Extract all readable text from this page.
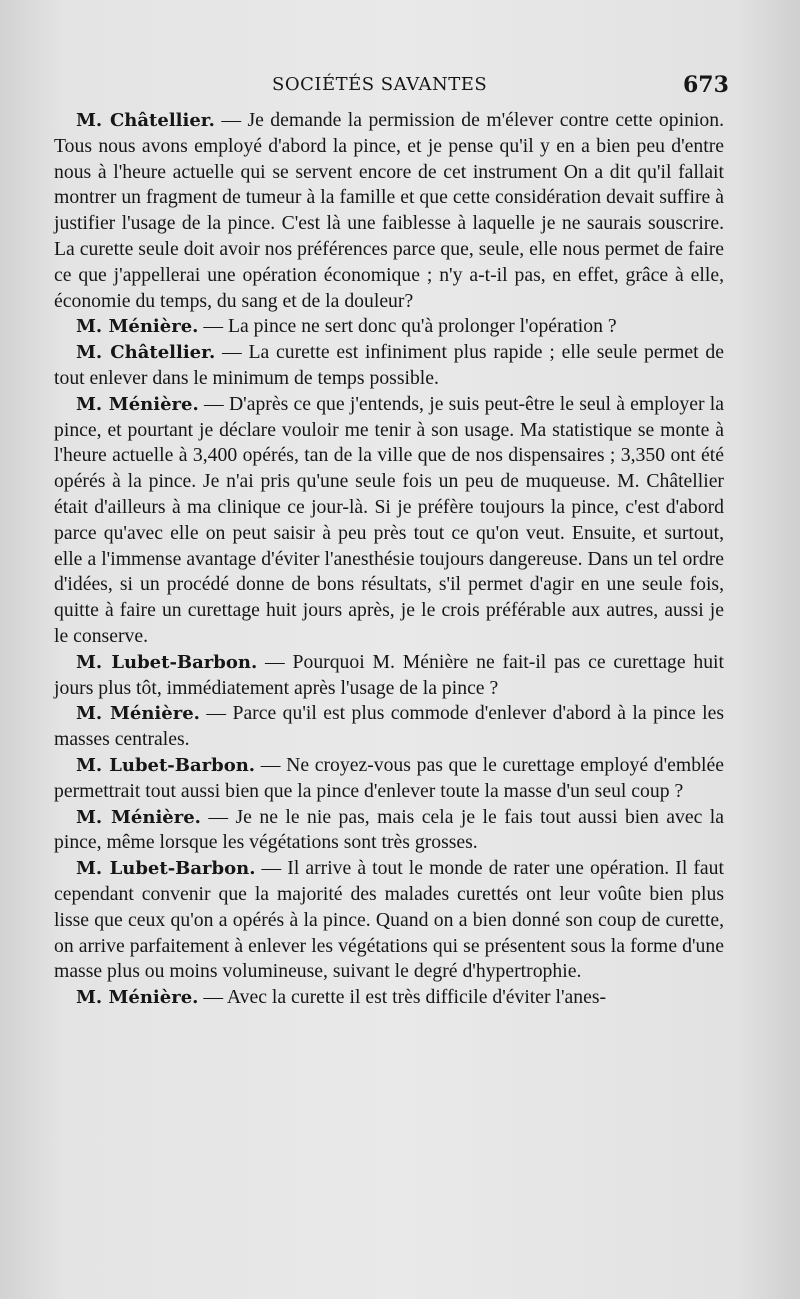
SOCIÉTÉS SAVANTES	673

M. Châtellier. — Je demande la permission de m'élever contre cette opinion. Tous nous avons employé d'abord la pince, et je pense qu'il y en a bien peu d'entre nous à l'heure actuelle qui se servent encore de cet instrument On a dit qu'il fallait montrer un fragment de tumeur à la famille et que cette considération devait suffire à justifier l'usage de la pince. C'est là une faiblesse à laquelle je ne saurais souscrire. La curette seule doit avoir nos préférences parce que, seule, elle nous permet de faire ce que j'appellerai une opération économique ; n'y a-t-il pas, en effet, grâce à elle, économie du temps, du sang et de la douleur?

M. Ménière. — La pince ne sert donc qu'à prolonger l'opération ?

M. Châtellier. — La curette est infiniment plus rapide ; elle seule permet de tout enlever dans le minimum de temps possible.

M. Ménière. — D'après ce que j'entends, je suis peut-être le seul à employer la pince, et pourtant je déclare vouloir me tenir à son usage. Ma statistique se monte à l'heure actuelle à 3,400 opérés, tan de la ville que de nos dispensaires ; 3,350 ont été opérés à la pince. Je n'ai pris qu'une seule fois un peu de muqueuse. M. Châtellier était d'ailleurs à ma clinique ce jour-là. Si je préfère toujours la pince, c'est d'abord parce qu'avec elle on peut saisir à peu près tout ce qu'on veut. Ensuite, et surtout, elle a l'immense avantage d'éviter l'anesthésie toujours dangereuse. Dans un tel ordre d'idées, si un procédé donne de bons résultats, s'il permet d'agir en une seule fois, quitte à faire un curettage huit jours après, je le crois préférable aux autres, aussi je le conserve.

M. Lubet-Barbon. — Pourquoi M. Ménière ne fait-il pas ce curettage huit jours plus tôt, immédiatement après l'usage de la pince ?

M. Ménière. — Parce qu'il est plus commode d'enlever d'abord à la pince les masses centrales.

M. Lubet-Barbon. — Ne croyez-vous pas que le curettage employé d'emblée permettrait tout aussi bien que la pince d'enlever toute la masse d'un seul coup ?

M. Ménière. — Je ne le nie pas, mais cela je le fais tout aussi bien avec la pince, même lorsque les végétations sont très grosses.

M. Lubet-Barbon. — Il arrive à tout le monde de rater une opération. Il faut cependant convenir que la majorité des malades curettés ont leur voûte bien plus lisse que ceux qu'on a opérés à la pince. Quand on a bien donné son coup de curette, on arrive parfaitement à enlever les végétations qui se présentent sous la forme d'une masse plus ou moins volumineuse, suivant le degré d'hypertrophie.

M. Ménière. — Avec la curette il est très difficile d'éviter l'anes-
